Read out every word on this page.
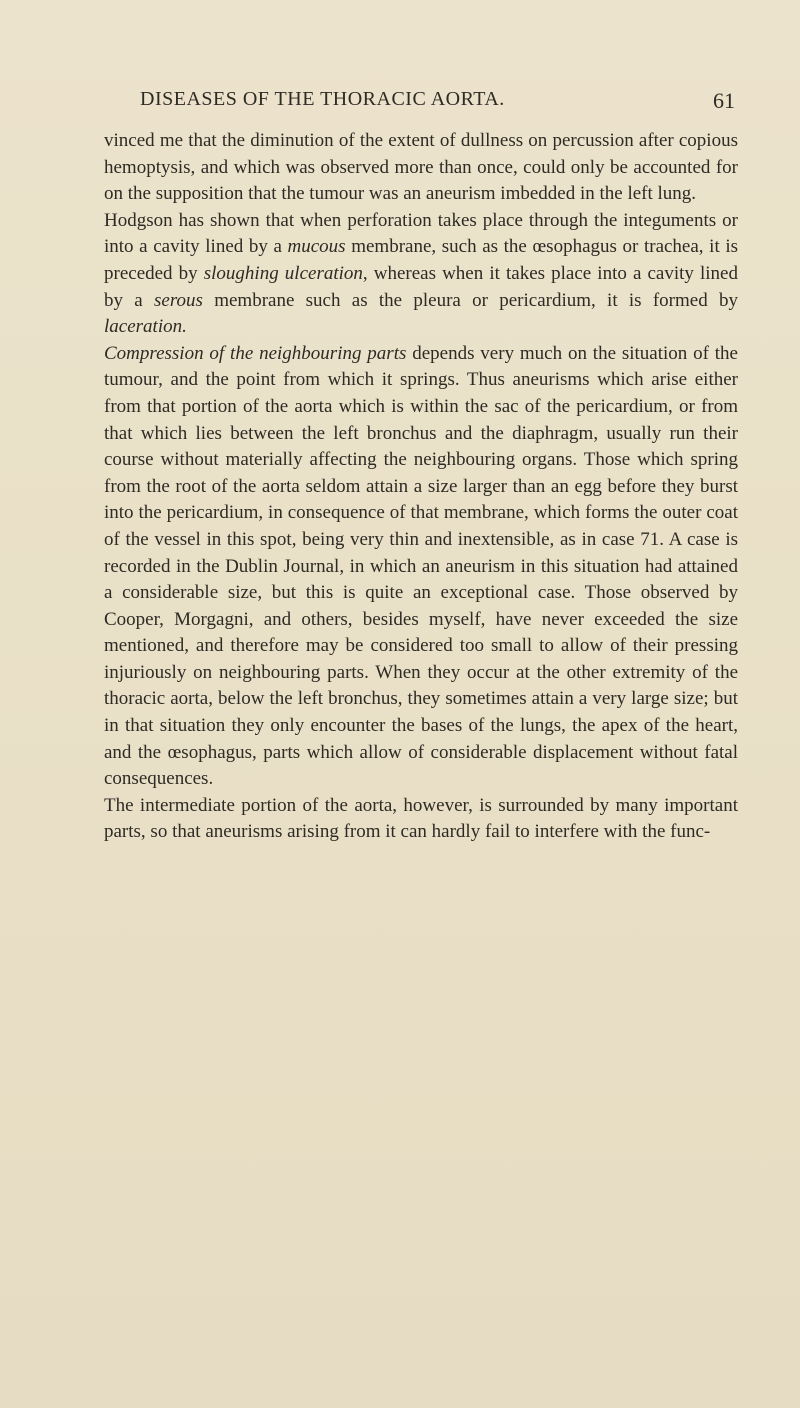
DISEASES OF THE THORACIC AORTA.	61

vinced me that the diminution of the extent of dullness on percussion after copious hemoptysis, and which was observed more than once, could only be accounted for on the supposition that the tumour was an aneurism imbedded in the left lung.

Hodgson has shown that when perforation takes place through the integuments or into a cavity lined by a mucous membrane, such as the œsophagus or trachea, it is preceded by sloughing ulceration, whereas when it takes place into a cavity lined by a serous membrane such as the pleura or pericardium, it is formed by laceration.

Compression of the neighbouring parts depends very much on the situation of the tumour, and the point from which it springs. Thus aneurisms which arise either from that portion of the aorta which is within the sac of the pericardium, or from that which lies between the left bronchus and the diaphragm, usually run their course without materially affecting the neighbouring organs. Those which spring from the root of the aorta seldom attain a size larger than an egg before they burst into the pericardium, in consequence of that membrane, which forms the outer coat of the vessel in this spot, being very thin and inextensible, as in case 71. A case is recorded in the Dublin Journal, in which an aneurism in this situation had attained a considerable size, but this is quite an exceptional case. Those observed by Cooper, Morgagni, and others, besides myself, have never exceeded the size mentioned, and therefore may be considered too small to allow of their pressing injuriously on neighbouring parts. When they occur at the other extremity of the thoracic aorta, below the left bronchus, they sometimes attain a very large size; but in that situation they only encounter the bases of the lungs, the apex of the heart, and the œsophagus, parts which allow of considerable displacement without fatal consequences.

The intermediate portion of the aorta, however, is surrounded by many important parts, so that aneurisms arising from it can hardly fail to interfere with the func-
